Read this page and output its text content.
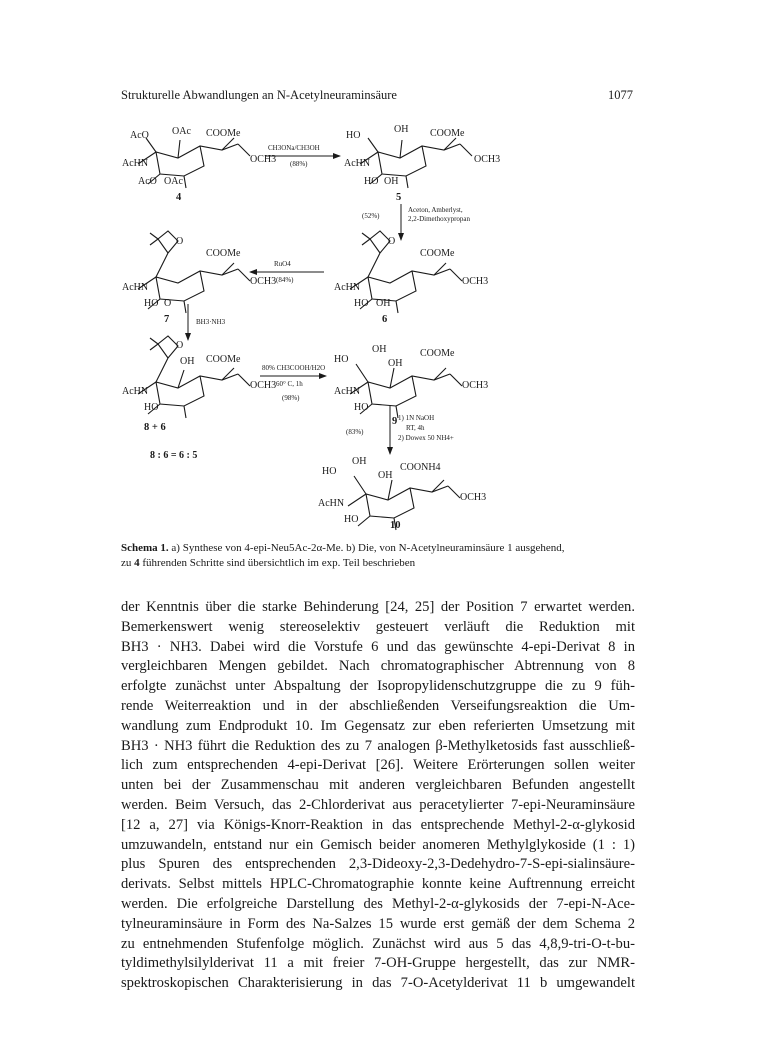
Strukturelle Abwandlungen an N-Acetylneuraminsäure	1077
AcO OAc COOMe
OCH3
AcHN
AcO OAc
4
CH3ONa/CH3OH
(88%)
HO
OH COOMe
OCH3
AcHN
HO OH
5
(52%)
Aceton, Amberlyst,
2,2-Dimethoxypropan
O
COOMe
OCH3
AcHN
HO O
7
RuO4
(84%)
O
COOMe
OCH3
AcHN
HO OH
6
BH3·NH3
O
OH COOMe
OCH3
AcHN
HO
8 + 6
8 : 6 = 6 : 5
80% CH3COOH/H2O
60° C, 1h
(98%)
HO
OH
OH
COOMe
OCH3
AcHN
HO
9
(83%)
1) 1N NaOH
RT, 4h
2) Dowex 50 NH4+
HO
OH
OH
COONH4
OCH3
AcHN
HO
10
Schema 1. a) Synthese von 4-epi-Neu5Ac-2α-Me. b) Die, von N-Acetylneuraminsäure 1 ausgehend,
zu 4 führenden Schritte sind übersichtlich im exp. Teil beschrieben
der Kenntnis über die starke Behinderung [24, 25] der Position 7 erwartet werden.
Bemerkenswert wenig stereoselektiv gesteuert verläuft die Reduktion mit
BH3 · NH3. Dabei wird die Vorstufe 6 und das gewünschte 4-epi-Derivat 8 in
vergleichbaren Mengen gebildet. Nach chromatographischer Abtrennung von 8
erfolgte zunächst unter Abspaltung der Isopropylidenschutzgruppe die zu 9 füh-
rende Weiterreaktion und in der abschließenden Verseifungsreaktion die Um-
wandlung zum Endprodukt 10. Im Gegensatz zur eben referierten Umsetzung mit
BH3 · NH3 führt die Reduktion des zu 7 analogen β-Methylketosids fast ausschließ-
lich zum entsprechenden 4-epi-Derivat [26]. Weitere Erörterungen sollen weiter
unten bei der Zusammenschau mit anderen vergleichbaren Befunden angestellt
werden. Beim Versuch, das 2-Chlorderivat aus peracetylierter 7-epi-Neuraminsäure
[12 a, 27] via Königs-Knorr-Reaktion in das entsprechende Methyl-2-α-glykosid
umzuwandeln, entstand nur ein Gemisch beider anomeren Methylglykoside (1 : 1)
plus Spuren des entsprechenden 2,3-Dideoxy-2,3-Dedehydro-7-S-epi-sialinsäure-
derivats. Selbst mittels HPLC-Chromatographie konnte keine Auftrennung erreicht
werden. Die erfolgreiche Darstellung des Methyl-2-α-glykosids der 7-epi-N-Ace-
tylneuraminsäure in Form des Na-Salzes 15 wurde erst gemäß der dem Schema 2
zu entnehmenden Stufenfolge möglich. Zunächst wird aus 5 das 4,8,9-tri-O-t-bu-
tyldimethylsilylderivat 11 a mit freier 7-OH-Gruppe hergestellt, das zur NMR-
spektroskopischen Charakterisierung in das 7-O-Acetylderivat 11 b umgewandelt
